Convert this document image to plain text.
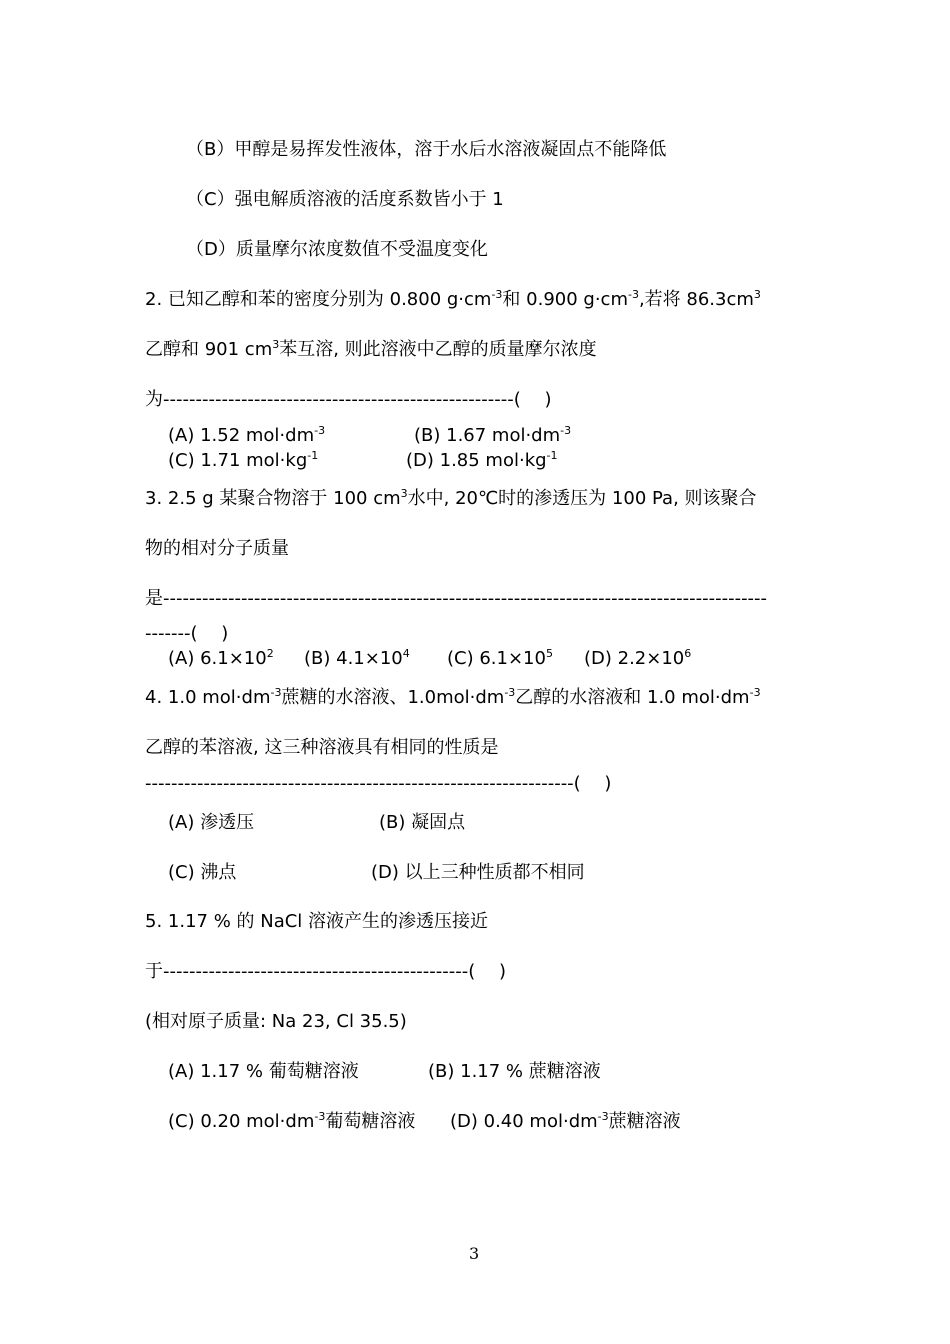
（B）甲醇是易挥发性液体，溶于水后水溶液凝固点不能降低
（C）强电解质溶液的活度系数皆小于 1
（D）质量摩尔浓度数值不受温度变化
2. 已知乙醇和苯的密度分别为 0.800 $g\cdot cm^{-3}$和 0.900 $g\cdot cm^{-3}$,若将 $86.3cm^3$
乙醇和 901 $cm^3$苯互溶, 则此溶液中乙醇的质量摩尔浓度
为------------------------------------------------------(　 )
(A) 1.52 $mol\cdot dm^{-3}$	(B) 1.67 $mol\cdot dm^{-3}$
(C) 1.71 $mol\cdot kg^{-1}$	(D) 1.85 $mol\cdot kg^{-1}$
3. 2.5 g 某聚合物溶于 100 $cm^3$水中, 20℃时的渗透压为 100 Pa, 则该聚合
物的相对分子质量
是---------------------------------------------------------------------------------------------
-------(　 )
(A) $6.1\times 10^2$ (B) $4.1\times 10^4$ (C) $6.1\times 10^5$ (D) $2.2\times 10^6$
4. 1.0 $mol\cdot dm^{-3}$蔗糖的水溶液、$1.0mol\cdot dm^{-3}$乙醇的水溶液和 1.0 $mol\cdot dm^{-3}$
乙醇的苯溶液, 这三种溶液具有相同的性质是
------------------------------------------------------------------(　 )
(A) 渗透压	(B) 凝固点
(C) 沸点	(D) 以上三种性质都不相同
5. 1.17 % 的 NaCl 溶液产生的渗透压接近
于-----------------------------------------------(　 )
(相对原子质量: Na 23, Cl 35.5)
(A) 1.17 % 葡萄糖溶液	(B) 1.17 % 蔗糖溶液
(C) 0.20 $mol\cdot dm^{-3}$葡萄糖溶液 (D) 0.40 $mol\cdot dm^{-3}$蔗糖溶液
3
